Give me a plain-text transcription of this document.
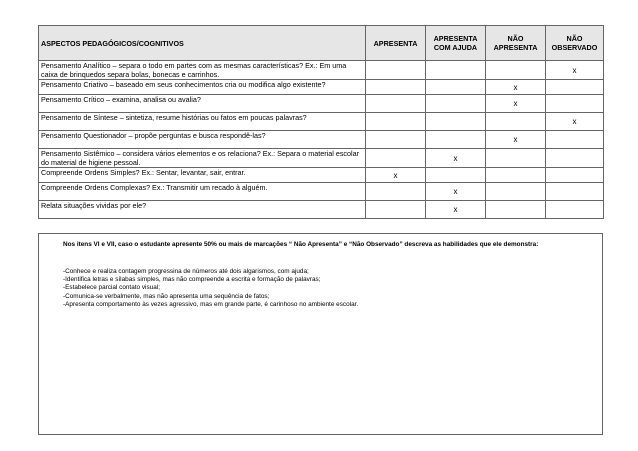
ASPECTOS PEDAGÓGICOS/COGNITIVOS	APRESENTA	APRESENTA COM AJUDA	NÃO APRESENTA	NÃO OBSERVADO
Pensamento Analítico – separa o todo em partes com as mesmas características? Ex.: Em uma caixa de brinquedos separa bolas, bonecas e carrinhos.				x
Pensamento Criativo – baseado em seus conhecimentos cria ou modifica algo existente?			x	
Pensamento Crítico – examina, analisa ou avalia?			x	
Pensamento de Síntese – sintetiza, resume histórias ou fatos em poucas palavras?				x
Pensamento Questionador – propõe perguntas e busca respondê-las?			x	
Pensamento Sistêmico – considera vários elementos e os relaciona? Ex.: Separa o material escolar do material de higiene pessoal.		x		
Compreende Ordens Simples? Ex.: Sentar, levantar, sair, entrar.	x			
Compreende Ordens Complexas? Ex.: Transmitir um recado à alguém.		x		
Relata situações vividas por ele?		x		
Nos itens VI e VII, caso o estudante apresente 50% ou mais de marcações “ Não Apresenta” e “Não Observado” descreva as habilidades que ele demonstra:
-Conhece e realiza contagem progressina de números até dois algarismos, com ajuda;
-Identifica letras e sílabas simples, mas não compreende a escrita e formação de palavras;
-Estabelece parcial contato visual;
-Comunica-se verbalmente, mas não apresenta uma sequência de fatos;
-Apresenta comportamento às vezes agressivo, mas em grande parte, é carinhoso no ambiente escolar.
